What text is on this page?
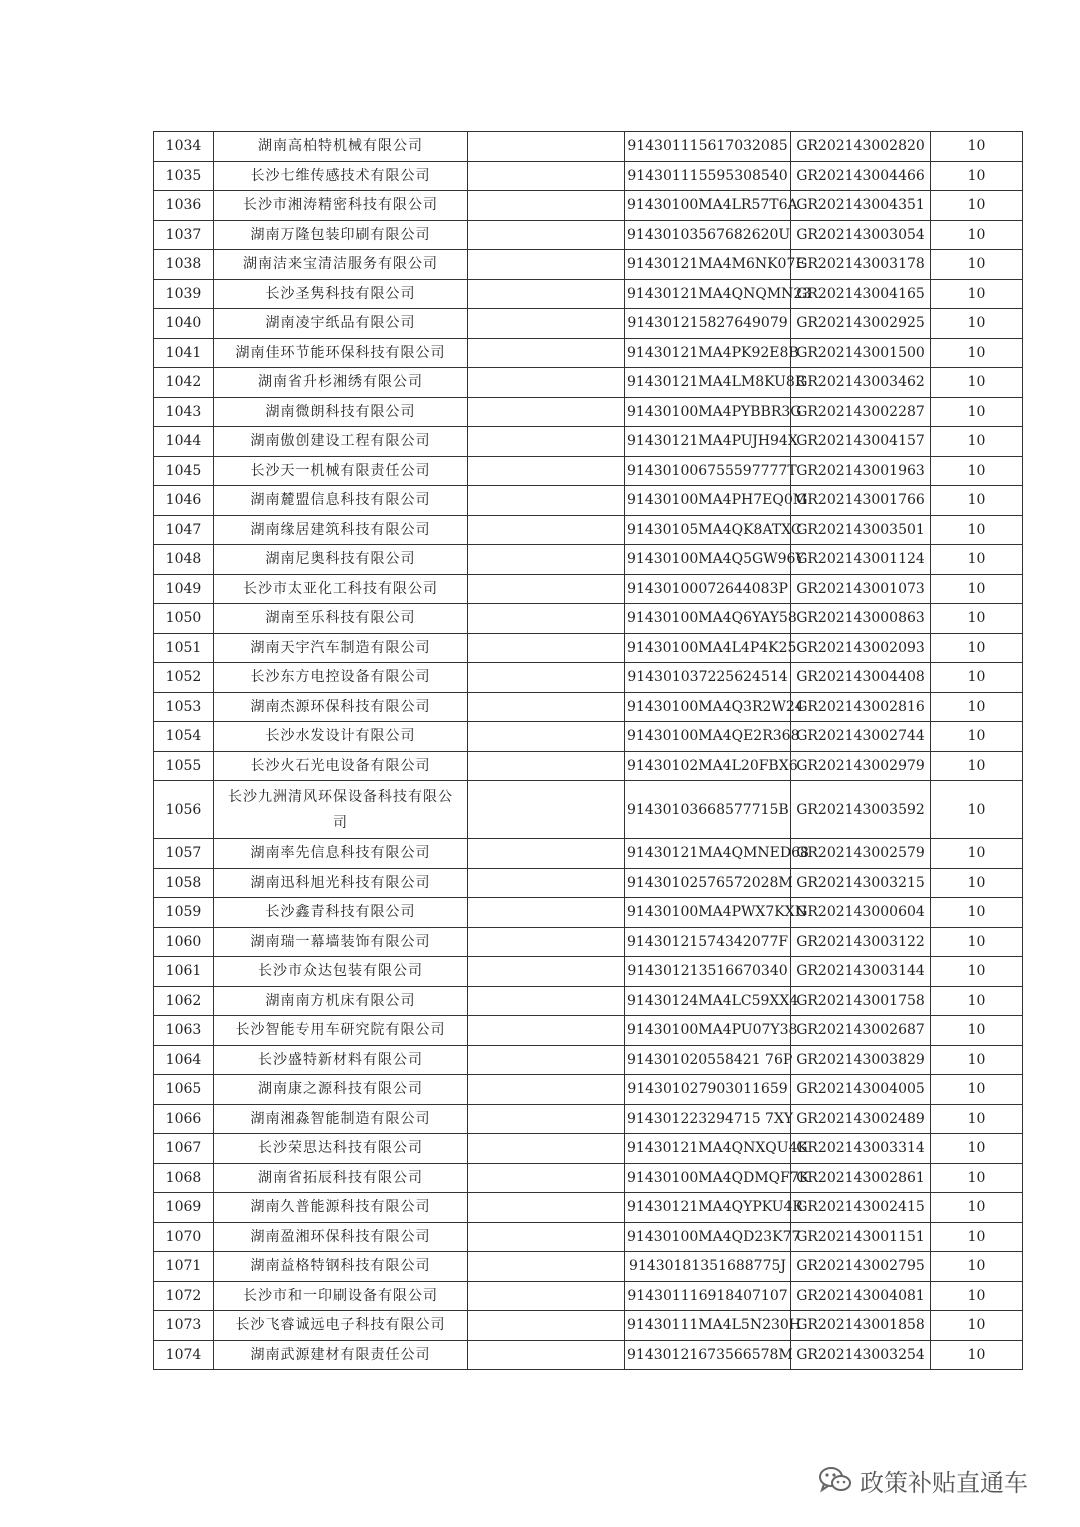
1034	湖南高柏特机械有限公司		914301115617032085	GR202143002820	10
1035	长沙七维传感技术有限公司		914301115595308540	GR202143004466	10
1036	长沙市湘涛精密科技有限公司		91430100MA4LR57T6A	GR202143004351	10
1037	湖南万隆包装印刷有限公司		91430103567682620U	GR202143003054	10
1038	湖南洁来宝清洁服务有限公司		91430121MA4M6NK07E	GR202143003178	10
1039	长沙圣隽科技有限公司		91430121MA4QNQMN23	GR202143004165	10
1040	湖南凌宇纸品有限公司		914301215827649079	GR202143002925	10
1041	湖南佳环节能环保科技有限公司		91430121MA4PK92E8B	GR202143001500	10
1042	湖南省升杉湘绣有限公司		91430121MA4LM8KU8R	GR202143003462	10
1043	湖南微朗科技有限公司		91430100MA4PYBBR3G	GR202143002287	10
1044	湖南傲创建设工程有限公司		91430121MA4PUJH94X	GR202143004157	10
1045	长沙天一机械有限责任公司		914301006755597777T	GR202143001963	10
1046	湖南麓盟信息科技有限公司		91430100MA4PH7EQ0M	GR202143001766	10
1047	湖南缘居建筑科技有限公司		91430105MA4QK8ATXC	GR202143003501	10
1048	湖南尼奥科技有限公司		91430100MA4Q5GW96Y	GR202143001124	10
1049	长沙市太亚化工科技有限公司		91430100072644083P	GR202143001073	10
1050	湖南至乐科技有限公司		91430100MA4Q6YAY58	GR202143000863	10
1051	湖南天宇汽车制造有限公司		91430100MA4L4P4K25	GR202143002093	10
1052	长沙东方电控设备有限公司		914301037225624514	GR202143004408	10
1053	湖南杰源环保科技有限公司		91430100MA4Q3R2W24	GR202143002816	10
1054	长沙水发设计有限公司		91430100MA4QE2R368	GR202143002744	10
1055	长沙火石光电设备有限公司		91430102MA4L20FBX6	GR202143002979	10
1056	长沙九洲清风环保设备科技有限公司		91430103668577715B	GR202143003592	10
1057	湖南率先信息科技有限公司		91430121MA4QMNED68	GR202143002579	10
1058	湖南迅科旭光科技有限公司		91430102576572028M	GR202143003215	10
1059	长沙鑫青科技有限公司		91430100MA4PWX7KXN	GR202143000604	10
1060	湖南瑞一幕墙装饰有限公司		91430121574342077F	GR202143003122	10
1061	长沙市众达包装有限公司		914301213516670340	GR202143003144	10
1062	湖南南方机床有限公司		91430124MA4LC59XX4	GR202143001758	10
1063	长沙智能专用车研究院有限公司		91430100MA4PU07Y38	GR202143002687	10
1064	长沙盛特新材料有限公司		914301020558421 76P	GR202143003829	10
1065	湖南康之源科技有限公司		914301027903011659	GR202143004005	10
1066	湖南湘淼智能制造有限公司		914301223294715 7XY	GR202143002489	10
1067	长沙荣思达科技有限公司		91430121MA4QNXQU4K	GR202143003314	10
1068	湖南省拓辰科技有限公司		91430100MA4QDMQF7K	GR202143002861	10
1069	湖南久普能源科技有限公司		91430121MA4QYPKU4R	GR202143002415	10
1070	湖南盈湘环保科技有限公司		91430100MA4QD23K77	GR202143001151	10
1071	湖南益格特钢科技有限公司		91430181351688775J	GR202143002795	10
1072	长沙市和一印刷设备有限公司		914301116918407107	GR202143004081	10
1073	长沙飞睿诚远电子科技有限公司		91430111MA4L5N230H	GR202143001858	10
1074	湖南武源建材有限责任公司		91430121673566578M	GR202143003254	10
政策补贴直通车
